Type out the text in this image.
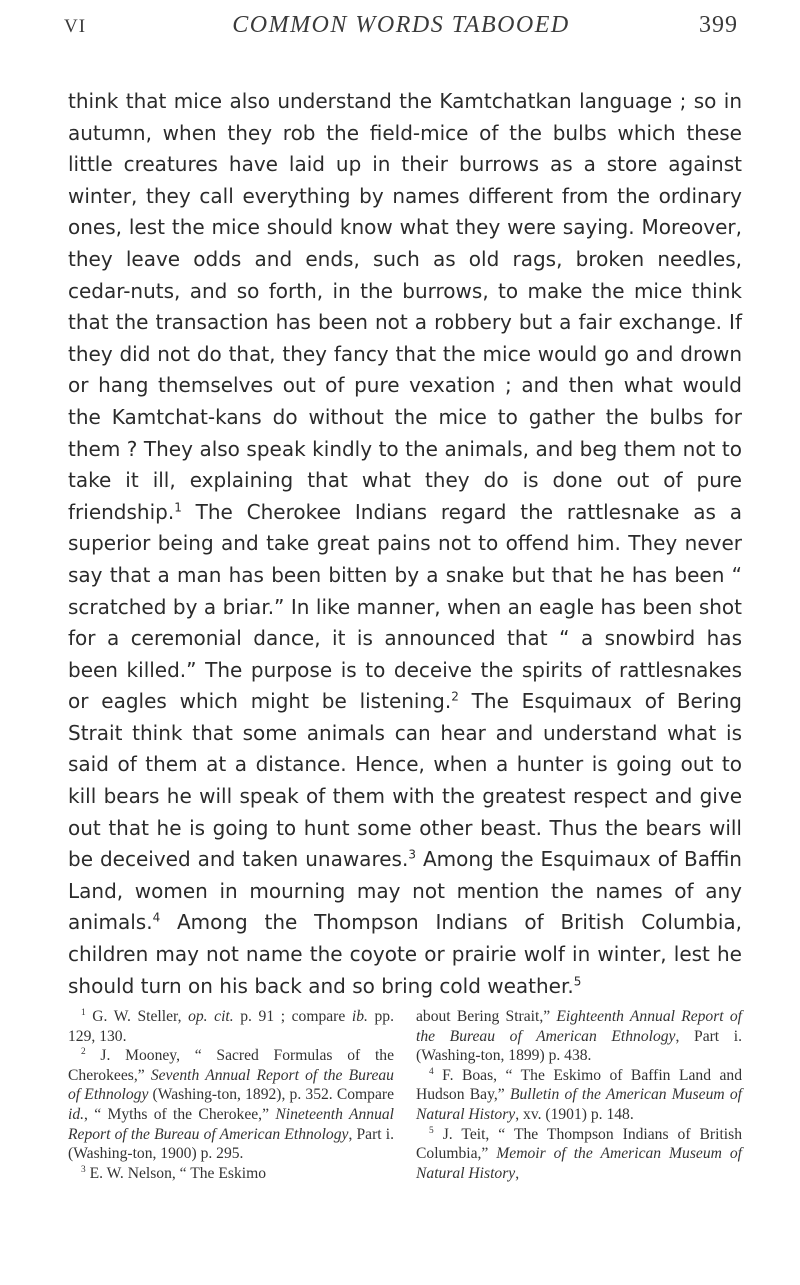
VI	COMMON WORDS TABOOED	399

think that mice also understand the Kamtchatkan language ; so in autumn, when they rob the field-mice of the bulbs which these little creatures have laid up in their burrows as a store against winter, they call everything by names different from the ordinary ones, lest the mice should know what they were saying. Moreover, they leave odds and ends, such as old rags, broken needles, cedar-nuts, and so forth, in the burrows, to make the mice think that the transaction has been not a robbery but a fair exchange. If they did not do that, they fancy that the mice would go and drown or hang themselves out of pure vexation ; and then what would the Kamtchat-kans do without the mice to gather the bulbs for them ? They also speak kindly to the animals, and beg them not to take it ill, explaining that what they do is done out of pure friendship.$^1$ The Cherokee Indians regard the rattlesnake as a superior being and take great pains not to offend him. They never say that a man has been bitten by a snake but that he has been “ scratched by a briar.” In like manner, when an eagle has been shot for a ceremonial dance, it is announced that “ a snowbird has been killed.” The purpose is to deceive the spirits of rattlesnakes or eagles which might be listening.$^2$ The Esquimaux of Bering Strait think that some animals can hear and understand what is said of them at a distance. Hence, when a hunter is going out to kill bears he will speak of them with the greatest respect and give out that he is going to hunt some other beast. Thus the bears will be deceived and taken unawares.$^3$ Among the Esquimaux of Baffin Land, women in mourning may not mention the names of any animals.$^4$ Among the Thompson Indians of British Columbia, children may not name the coyote or prairie wolf in winter, lest he should turn on his back and so bring cold weather.$^5$

$^1$ G. W. Steller, op. cit. p. 91 ; compare ib. pp. 129, 130.

$^2$ J. Mooney, “ Sacred Formulas of the Cherokees,” Seventh Annual Report of the Bureau of Ethnology (Washing-ton, 1892), p. 352. Compare id., “ Myths of the Cherokee,” Nineteenth Annual Report of the Bureau of American Ethnology, Part i. (Washing-ton, 1900) p. 295.

$^3$ E. W. Nelson, “ The Eskimo

about Bering Strait,” Eighteenth Annual Report of the Bureau of American Ethnology, Part i. (Washing-ton, 1899) p. 438.

$^4$ F. Boas, “ The Eskimo of Baffin Land and Hudson Bay,” Bulletin of the American Museum of Natural History, xv. (1901) p. 148.

$^5$ J. Teit, “ The Thompson Indians of British Columbia,” Memoir of the American Museum of Natural History,
